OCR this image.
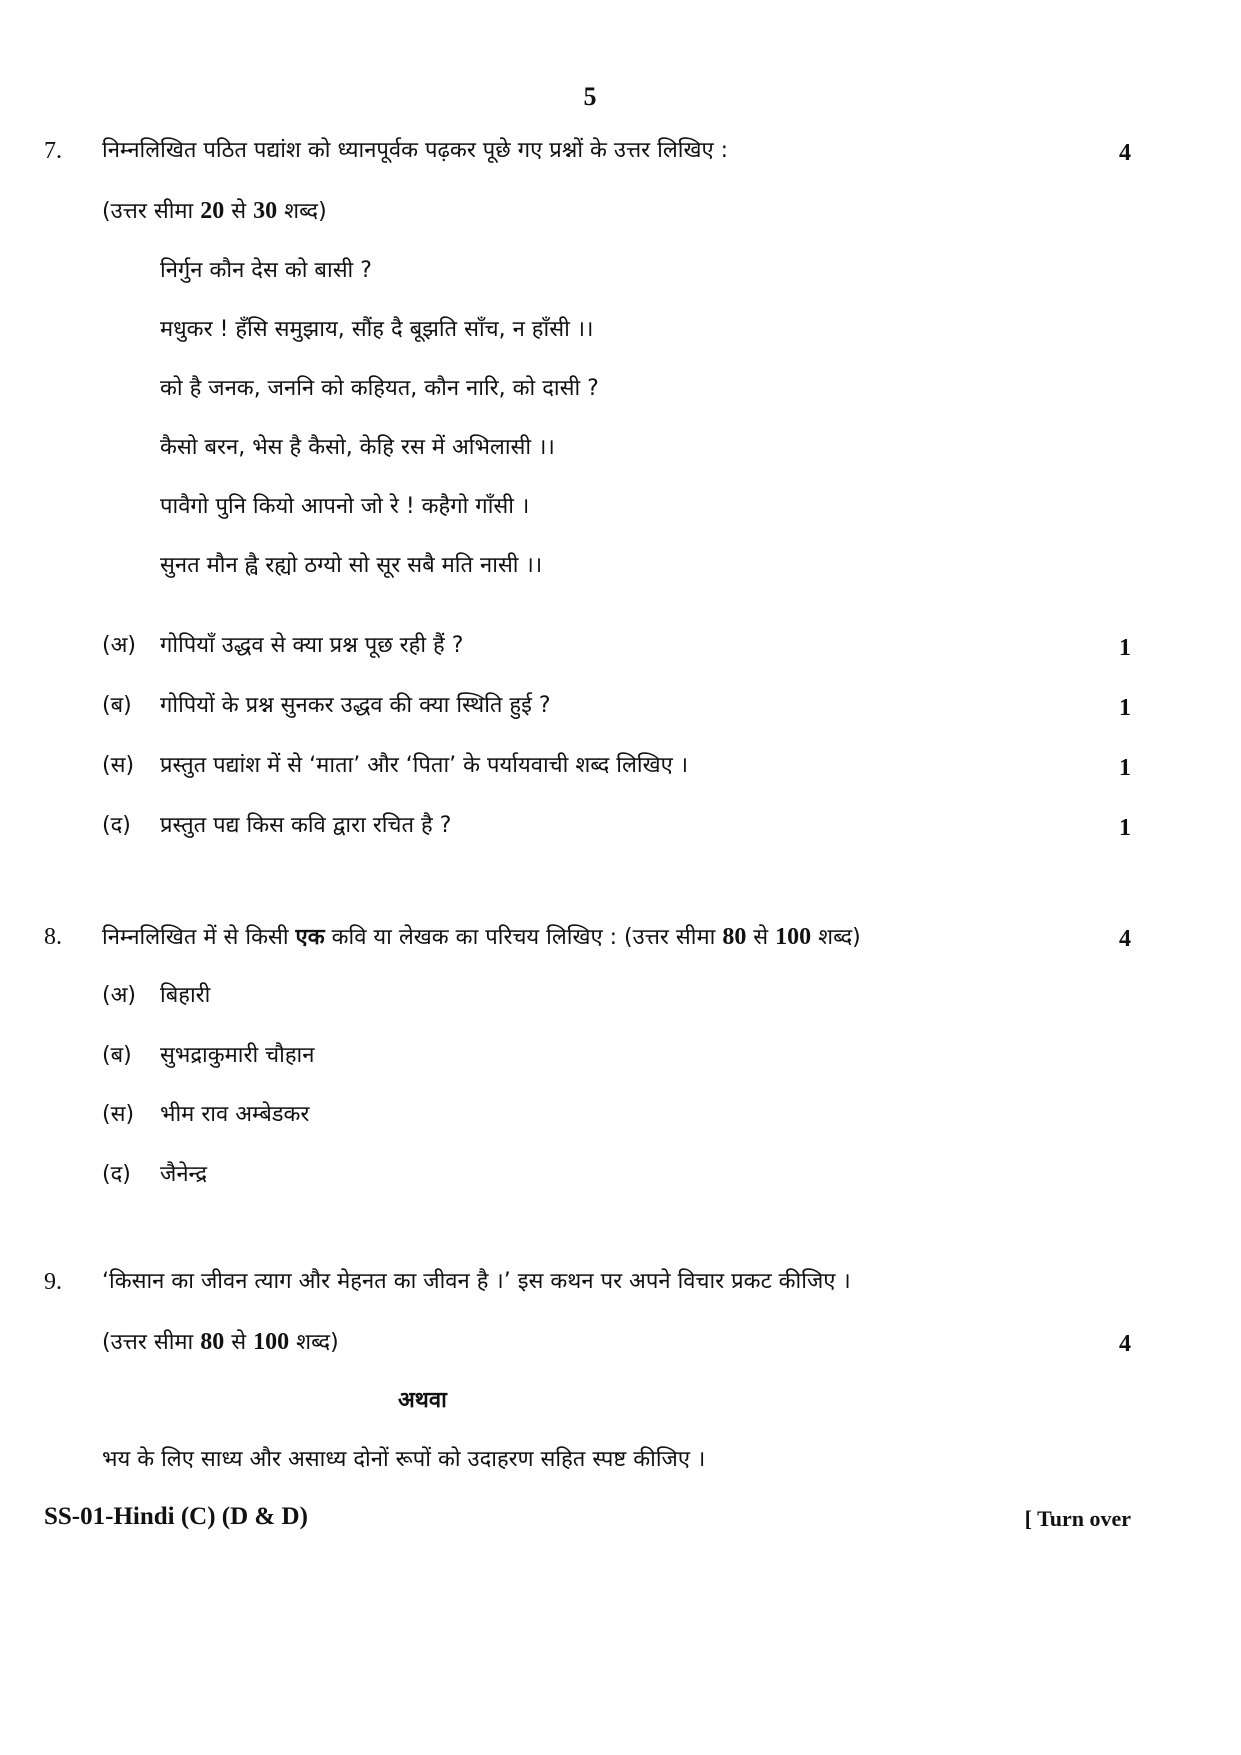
5
7. निम्नलिखित पठित पद्यांश को ध्यानपूर्वक पढ़कर पूछे गए प्रश्नों के उत्तर लिखिए :	4
(उत्तर सीमा 20 से 30 शब्द)
निर्गुन कौन देस को बासी ?
मधुकर ! हँसि समुझाय, सौंह दै बूझति साँच, न हाँसी ।।
को है जनक, जननि को कहियत, कौन नारि, को दासी ?
कैसो बरन, भेस है कैसो, केहि रस में अभिलासी ।।
पावैगो पुनि कियो आपनो जो रे ! कहैगो गाँसी ।
सुनत मौन ह्वै रह्यो ठग्यो सो सूर सबै मति नासी ।।
(अ) गोपियाँ उद्धव से क्या प्रश्न पूछ रही हैं ?	1
(ब) गोपियों के प्रश्न सुनकर उद्धव की क्या स्थिति हुई ?	1
(स) प्रस्तुत पद्यांश में से ‘माता’ और ‘पिता’ के पर्यायवाची शब्द लिखिए ।	1
(द) प्रस्तुत पद्य किस कवि द्वारा रचित है ?	1
8. निम्नलिखित में से किसी एक कवि या लेखक का परिचय लिखिए : (उत्तर सीमा 80 से 100 शब्द)	4
(अ) बिहारी
(ब) सुभद्राकुमारी चौहान
(स) भीम राव अम्बेडकर
(द) जैनेन्द्र
9. ‘किसान का जीवन त्याग और मेहनत का जीवन है ।’ इस कथन पर अपने विचार प्रकट कीजिए ।
(उत्तर सीमा 80 से 100 शब्द)	4
अथवा
भय के लिए साध्य और असाध्य दोनों रूपों को उदाहरण सहित स्पष्ट कीजिए ।
SS-01-Hindi (C) (D & D)	[ Turn over
